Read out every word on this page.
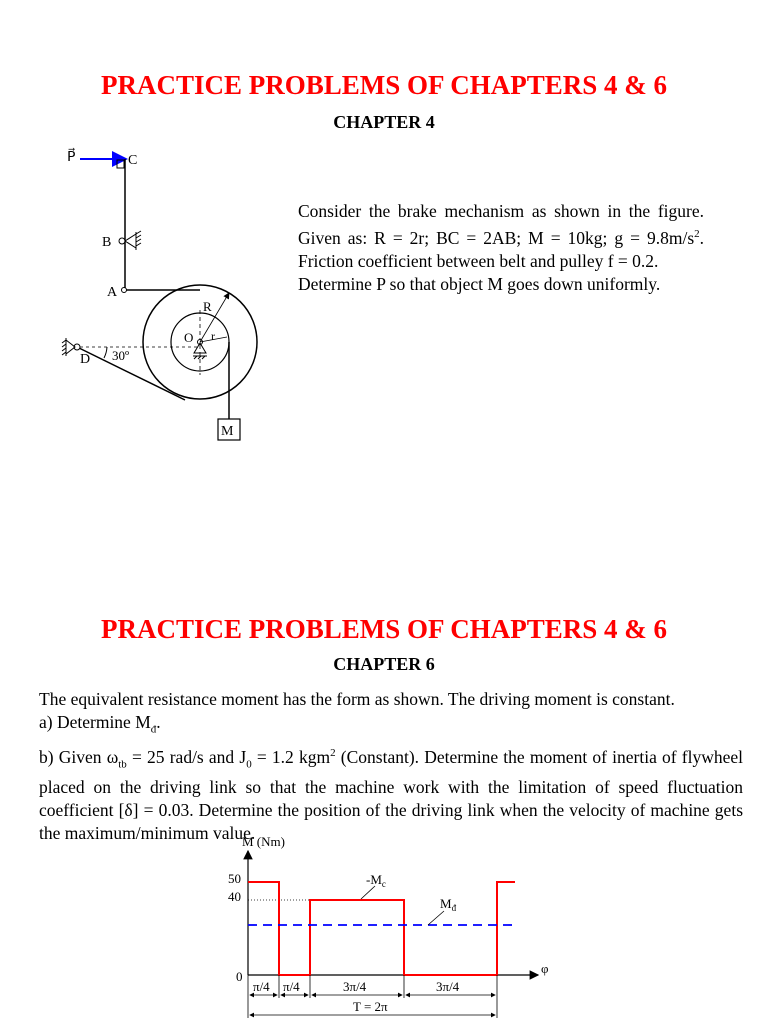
PRACTICE PROBLEMS OF CHAPTERS 4 & 6
CHAPTER 4
P⃗	C
B
A
D 30º
O
R
r
M

Consider the brake mechanism as shown in the figure. Given as: R = 2r; BC = 2AB; M = 10kg; $g = 9.8m/s^2$. Friction coefficient between belt and pulley f = 0.2.

Determine P so that object M goes down uniformly.

PRACTICE PROBLEMS OF CHAPTERS 4 & 6
CHAPTER 6

The equivalent resistance moment has the form as shown. The driving moment is constant.

a) Determine $M_đ$.

b) Given $\omega_{tb} = 25$ rad/s and $J_0 = 1.2$ kgm$^2$ (Constant). Determine the moment of inertia of flywheel placed on the driving link so that the machine work with the limitation of speed fluctuation coefficient [δ] = 0.03. Determine the position of the driving link when the velocity of machine gets the maximum/minimum value.

M (Nm)
φ
50
40
0
$-M_c$
$M_đ$
π/4 π/4	3π/4	3π/4
T = 2π
